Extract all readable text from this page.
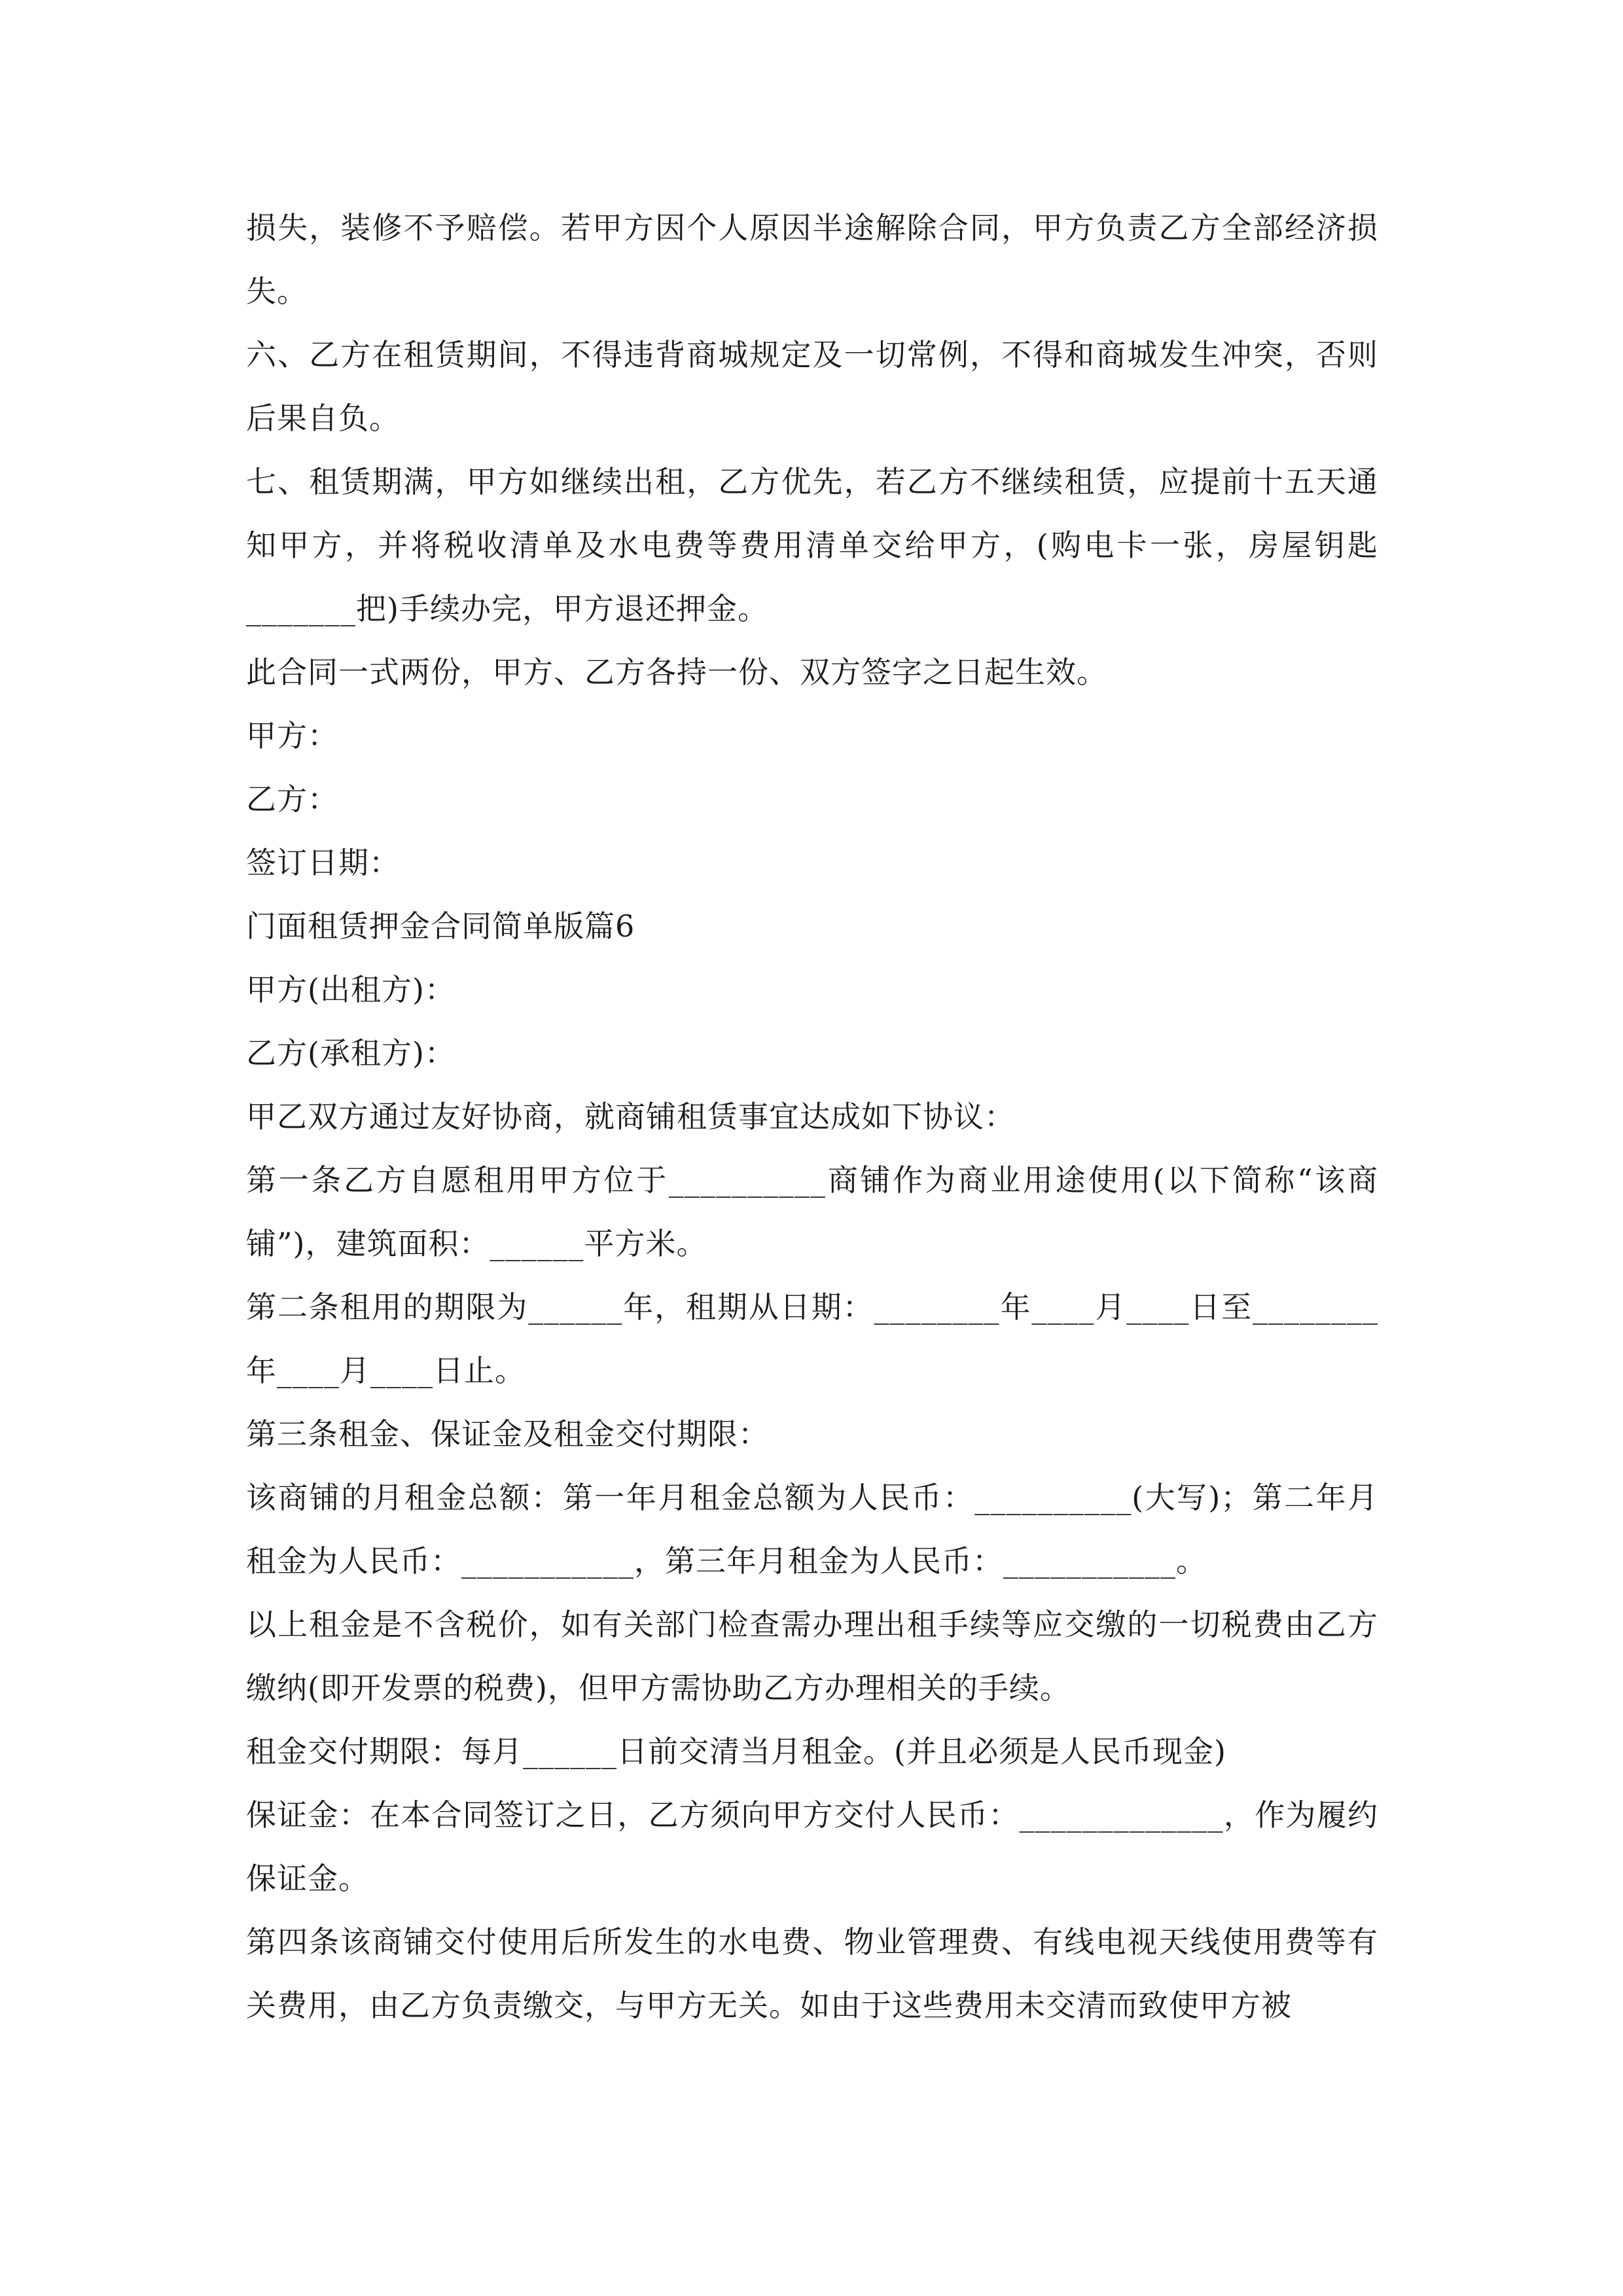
损失，装修不予赔偿。若甲方因个人原因半途解除合同，甲方负责乙方全部经济损失。

六、乙方在租赁期间，不得违背商城规定及一切常例，不得和商城发生冲突，否则后果自负。

七、租赁期满，甲方如继续出租，乙方优先，若乙方不继续租赁，应提前十五天通知甲方，并将税收清单及水电费等费用清单交给甲方，(购电卡一张，房屋钥匙_______把)手续办完，甲方退还押金。

此合同一式两份，甲方、乙方各持一份、双方签字之日起生效。

甲方：

乙方：

签订日期：

门面租赁押金合同简单版篇6

甲方(出租方)：

乙方(承租方)：

甲乙双方通过友好协商，就商铺租赁事宜达成如下协议：

第一条乙方自愿租用甲方位于__________商铺作为商业用途使用(以下简称“该商铺”)，建筑面积：______平方米。

第二条租用的期限为______年，租期从日期：________年____月____日至________年____月____日止。

第三条租金、保证金及租金交付期限：

该商铺的月租金总额：第一年月租金总额为人民币：__________(大写)；第二年月租金为人民币：___________，第三年月租金为人民币：___________。

以上租金是不含税价，如有关部门检查需办理出租手续等应交缴的一切税费由乙方缴纳(即开发票的税费)，但甲方需协助乙方办理相关的手续。

租金交付期限：每月______日前交清当月租金。(并且必须是人民币现金)

保证金：在本合同签订之日，乙方须向甲方交付人民币：_____________，作为履约保证金。

第四条该商铺交付使用后所发生的水电费、物业管理费、有线电视天线使用费等有关费用，由乙方负责缴交，与甲方无关。如由于这些费用未交清而致使甲方被
